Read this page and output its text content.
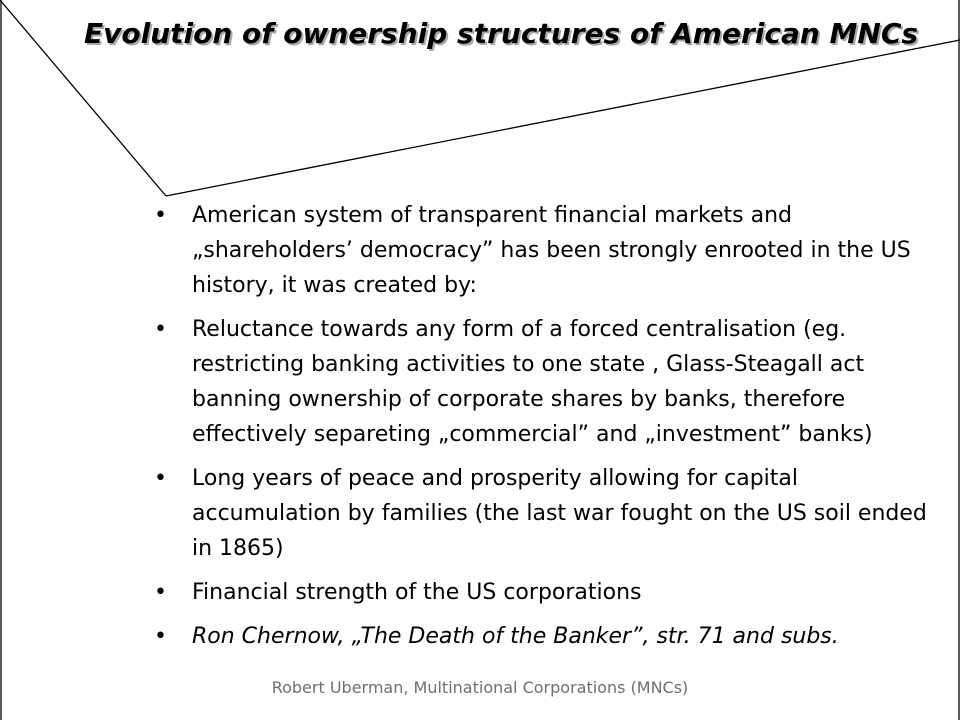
Evolution of ownership structures of American MNCs
• American system of transparent financial markets and „shareholders’ democracy” has been strongly enrooted in the US history, it was created by:
• Reluctance towards any form of a forced centralisation (eg. restricting banking activities to one state , Glass-Steagall act banning ownership of corporate shares by banks, therefore effectively separeting „commercial” and „investment” banks)
• Long years of peace and prosperity allowing for capital accumulation by families (the last war fought on the US soil ended in 1865)
• Financial strength of the US corporations
• Ron Chernow, „The Death of the Banker”, str. 71 and subs.
Robert Uberman, Multinational Corporations (MNCs)
